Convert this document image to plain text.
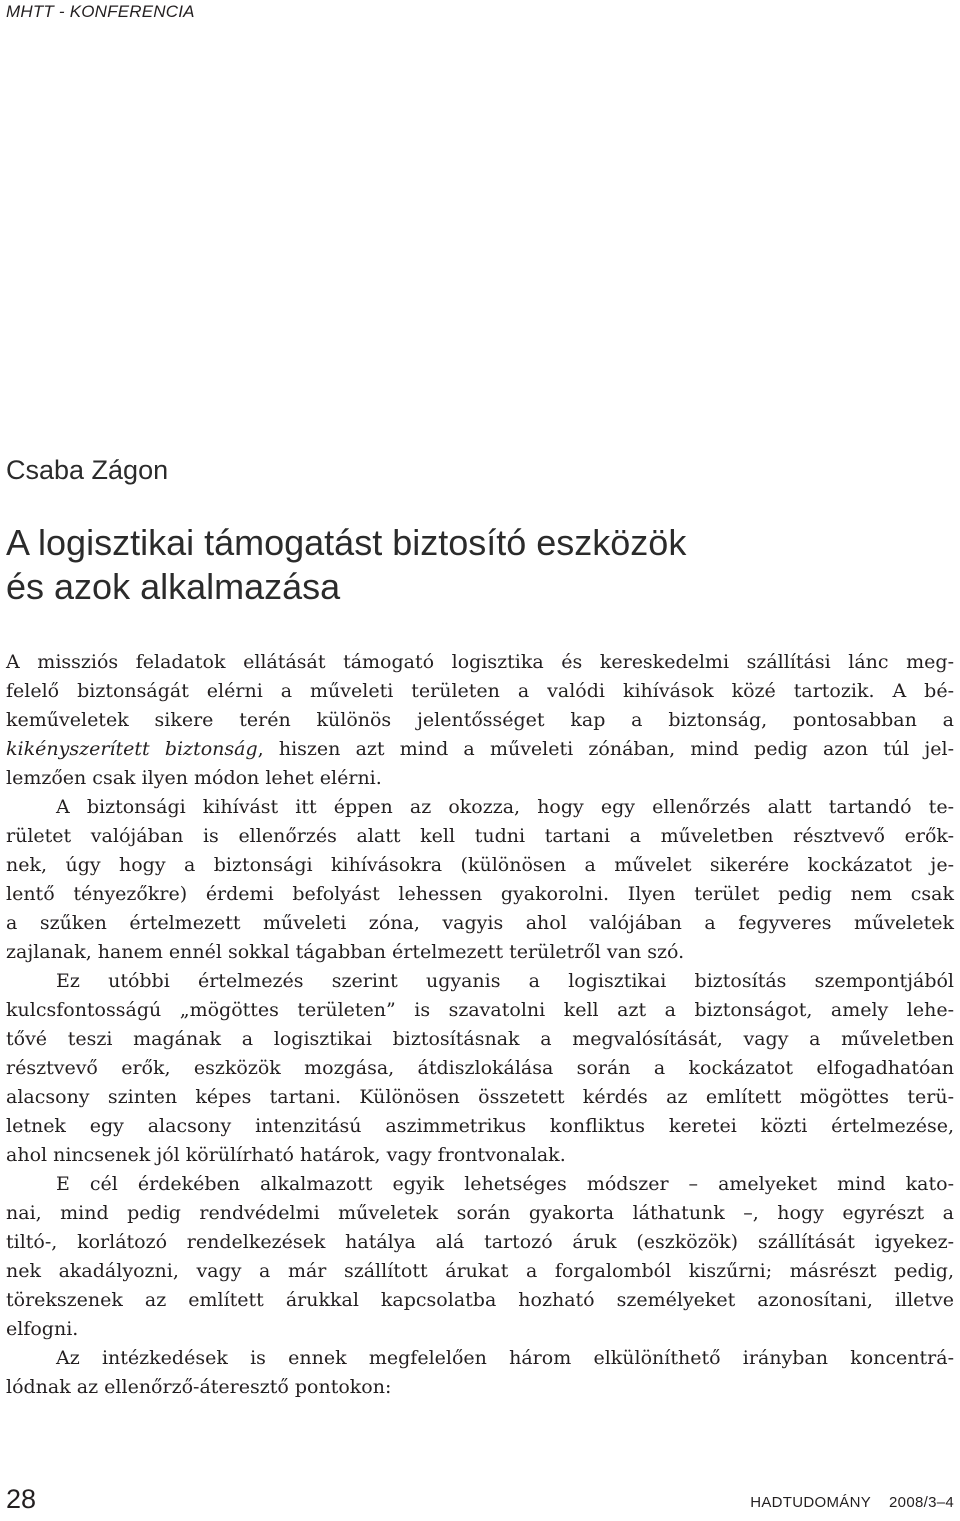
MHTT - KONFERENCIA
Csaba Zágon
A logisztikai támogatást biztosító eszközök
és azok alkalmazása
A missziós feladatok ellátását támogató logisztika és kereskedelmi szállítási lánc meg-
felelő biztonságát elérni a műveleti területen a valódi kihívások közé tartozik. A bé-
keműveletek sikere terén különös jelentősséget kap a biztonság, pontosabban a
kikényszerített biztonság, hiszen azt mind a műveleti zónában, mind pedig azon túl jel-
lemzően csak ilyen módon lehet elérni.
A biztonsági kihívást itt éppen az okozza, hogy egy ellenőrzés alatt tartandó te-
rületet valójában is ellenőrzés alatt kell tudni tartani a műveletben résztvevő erők-
nek, úgy hogy a biztonsági kihívásokra (különösen a művelet sikerére kockázatot je-
lentő tényezőkre) érdemi befolyást lehessen gyakorolni. Ilyen terület pedig nem csak
a szűken értelmezett műveleti zóna, vagyis ahol valójában a fegyveres műveletek
zajlanak, hanem ennél sokkal tágabban értelmezett területről van szó.
Ez utóbbi értelmezés szerint ugyanis a logisztikai biztosítás szempontjából
kulcsfontosságú „mögöttes területen” is szavatolni kell azt a biztonságot, amely lehe-
tővé teszi magának a logisztikai biztosításnak a megvalósítását, vagy a műveletben
résztvevő erők, eszközök mozgása, átdiszlokálása során a kockázatot elfogadhatóan
alacsony szinten képes tartani. Különösen összetett kérdés az említett mögöttes terü-
letnek egy alacsony intenzitású aszimmetrikus konfliktus keretei közti értelmezése,
ahol nincsenek jól körülírható határok, vagy frontvonalak.
E cél érdekében alkalmazott egyik lehetséges módszer – amelyeket mind kato-
nai, mind pedig rendvédelmi műveletek során gyakorta láthatunk –, hogy egyrészt a
tiltó-, korlátozó rendelkezések hatálya alá tartozó áruk (eszközök) szállítását igyekez-
nek akadályozni, vagy a már szállított árukat a forgalomból kiszűrni; másrészt pedig,
törekszenek az említett árukkal kapcsolatba hozható személyeket azonosítani, illetve
elfogni.
Az intézkedések is ennek megfelelően három elkülöníthető irányban koncentrá-
lódnak az ellenőrző-áteresztő pontokon:
28	HADTUDOMÁNY 2008/3–4
